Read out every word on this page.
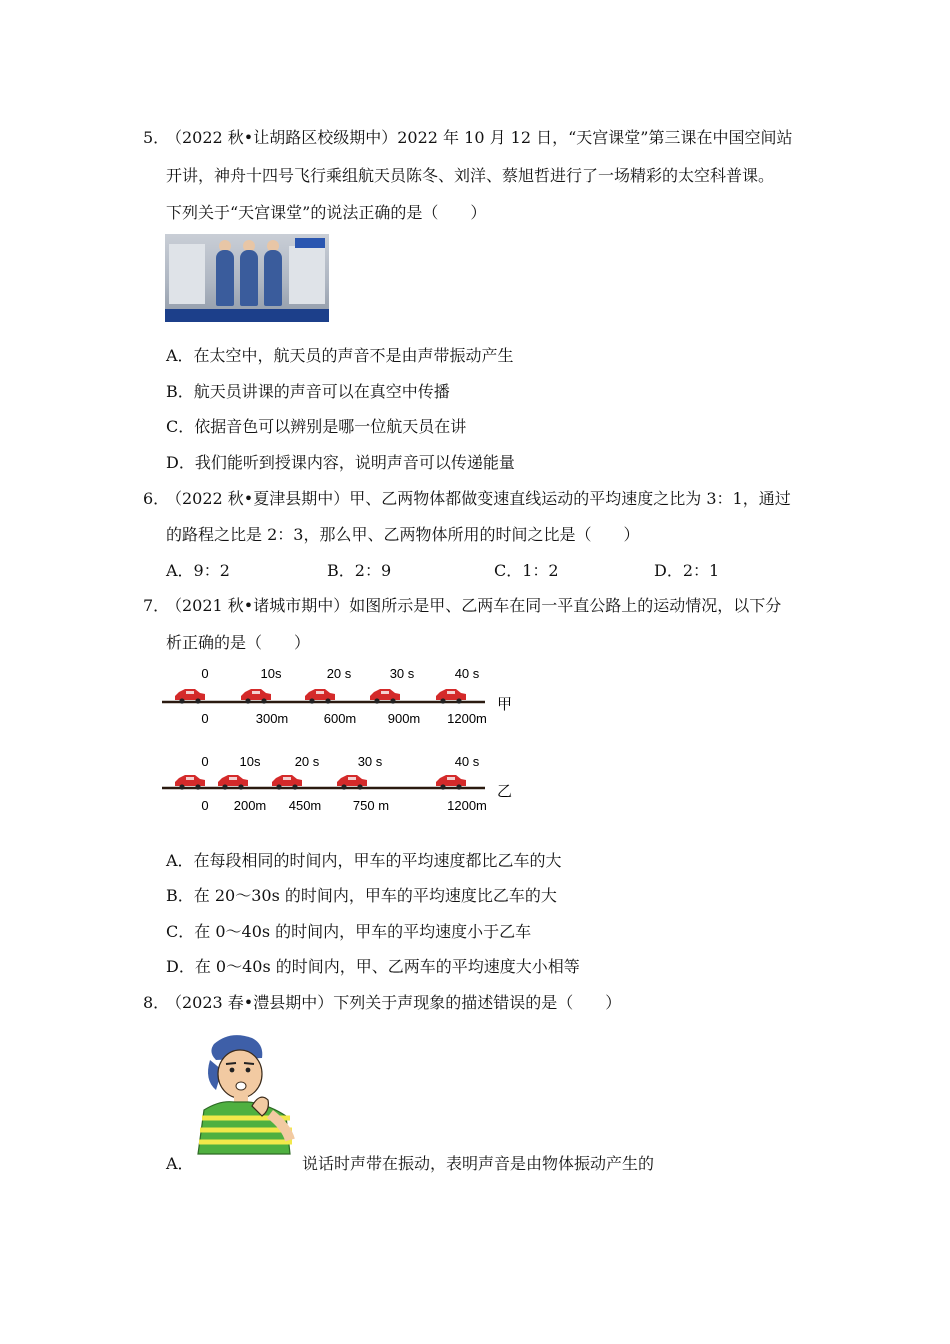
5．
（2022 秋•让胡路区校级期中）2022 年 10 月 12 日，“天宫课堂”第三课在中国空间站
开讲，神舟十四号飞行乘组航天员陈冬、刘洋、蔡旭哲进行了一场精彩的太空科普课。
下列关于“天宫课堂”的说法正确的是（　　）
A．在太空中，航天员的声音不是由声带振动产生
B．航天员讲课的声音可以在真空中传播
C．依据音色可以辨别是哪一位航天员在讲
D．我们能听到授课内容，说明声音可以传递能量
6．
（2022 秋•夏津县期中）甲、乙两物体都做变速直线运动的平均速度之比为 3：1，通过
的路程之比是 2：3，那么甲、乙两物体所用的时间之比是（　　）
A．9：2	B．2：9	C．1：2	D．2：1
7．
（2021 秋•诸城市期中）如图所示是甲、乙两车在同一平直公路上的运动情况，以下分
析正确的是（　　）
0	10s	20 s	30 s	40 s
0	300m	600m 900m 1200m
甲
0 10s	20 s	30 s	40 s
0 200m 450m 750 m	1200m
乙
A．在每段相同的时间内，甲车的平均速度都比乙车的大
B．在 20～30s 的时间内，甲车的平均速度比乙车的大
C．在 0～40s 的时间内，甲车的平均速度小于乙车
D．在 0～40s 的时间内，甲、乙两车的平均速度大小相等
8．
（2023 春•澧县期中）下列关于声现象的描述错误的是（　　）
A．	说话时声带在振动，表明声音是由物体振动产生的
